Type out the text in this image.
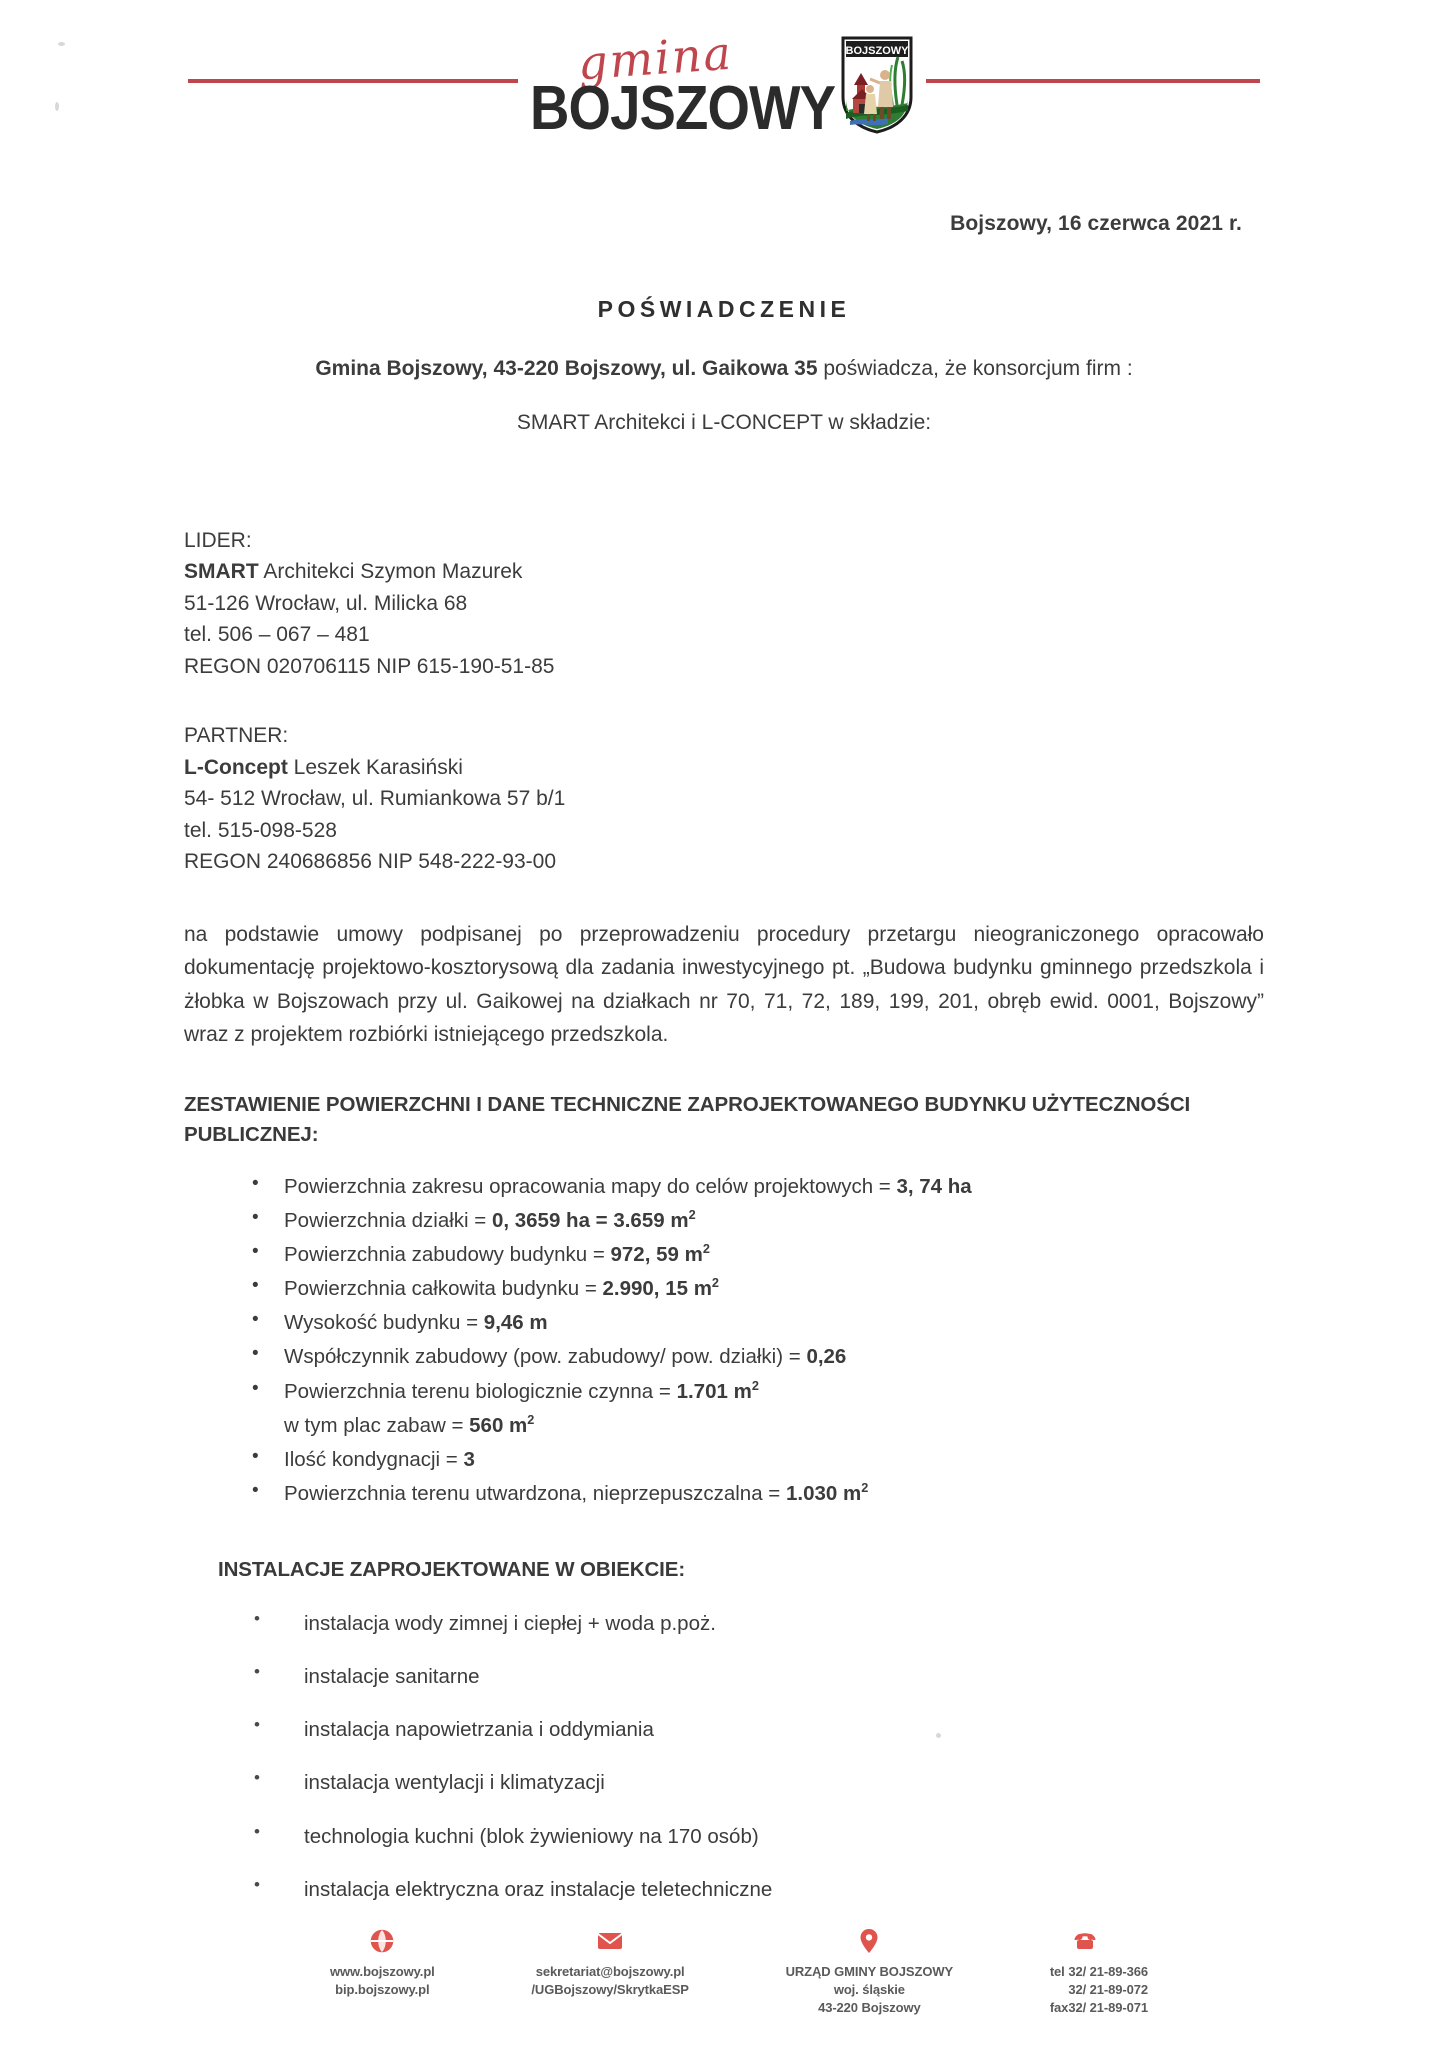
gmina
BOJSZOWY
BOJSZOWY
Bojszowy, 16 czerwca 2021 r.
POŚWIADCZENIE
Gmina Bojszowy, 43-220 Bojszowy, ul. Gaikowa 35 poświadcza, że konsorcjum firm :
SMART Architekci i L-CONCEPT w składzie:
LIDER:
SMART Architekci Szymon Mazurek
51-126 Wrocław, ul. Milicka 68
tel. 506 – 067 – 481
REGON 020706115 NIP 615-190-51-85
PARTNER:
L-Concept Leszek Karasiński
54- 512 Wrocław, ul. Rumiankowa 57 b/1
tel. 515-098-528
REGON 240686856 NIP 548-222-93-00
na podstawie umowy podpisanej po przeprowadzeniu procedury przetargu nieograniczonego opracowało dokumentację projektowo-kosztorysową dla zadania inwestycyjnego pt. „Budowa budynku gminnego przedszkola i żłobka w Bojszowach przy ul. Gaikowej na działkach nr 70, 71, 72, 189, 199, 201, obręb ewid. 0001, Bojszowy” wraz z projektem rozbiórki istniejącego przedszkola.
ZESTAWIENIE POWIERZCHNI I DANE TECHNICZNE ZAPROJEKTOWANEGO BUDYNKU UŻYTECZNOŚCI PUBLICZNEJ:
• Powierzchnia zakresu opracowania mapy do celów projektowych = 3, 74 ha
• Powierzchnia działki = 0, 3659 ha = 3.659 $m^2$
• Powierzchnia zabudowy budynku = 972, 59 $m^2$
• Powierzchnia całkowita budynku = 2.990, 15 $m^2$
• Wysokość budynku = 9,46 m
• Współczynnik zabudowy (pow. zabudowy/ pow. działki) = 0,26
• Powierzchnia terenu biologicznie czynna = 1.701 $m^2$
w tym plac zabaw = 560 $m^2$
• Ilość kondygnacji = 3
• Powierzchnia terenu utwardzona, nieprzepuszczalna = 1.030 $m^2$
INSTALACJE ZAPROJEKTOWANE W OBIEKCIE:
• instalacja wody zimnej i ciepłej + woda p.poż.
• instalacje sanitarne
• instalacja napowietrzania i oddymiania
• instalacja wentylacji i klimatyzacji
• technologia kuchni (blok żywieniowy na 170 osób)
• instalacja elektryczna oraz instalacje teletechniczne
www.bojszowy.pl
bip.bojszowy.pl
sekretariat@bojszowy.pl
/UGBojszowy/SkrytkaESP
URZĄD GMINY BOJSZOWY
woj. śląskie
43-220 Bojszowy
tel 32/ 21-89-366
32/ 21-89-072
fax 32/ 21-89-071
